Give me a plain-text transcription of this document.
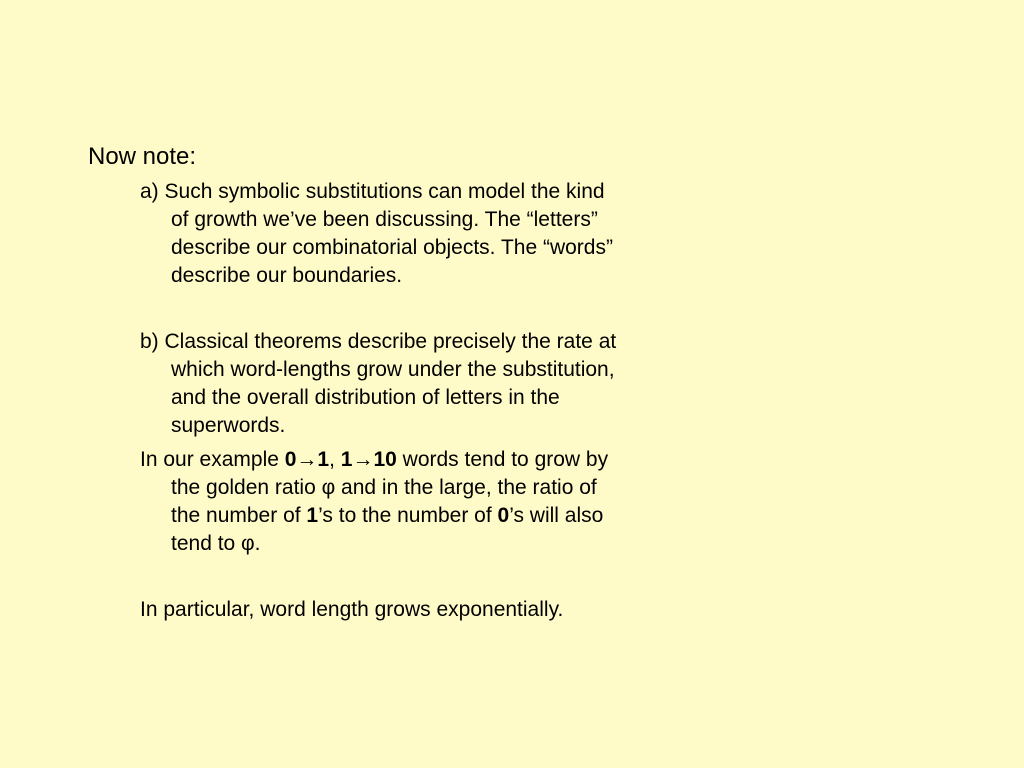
Now note:
a) Such symbolic substitutions can model the kind
of growth we’ve been discussing. The “letters”
describe our combinatorial objects. The “words”
describe our boundaries.
b) Classical theorems describe precisely the rate at
which word-lengths grow under the substitution,
and the overall distribution of letters in the
superwords.
In our example 0→1, 1→10 words tend to grow by
the golden ratio φ and in the large, the ratio of
the number of 1’s to the number of 0’s will also
tend to φ.
In particular, word length grows exponentially.
